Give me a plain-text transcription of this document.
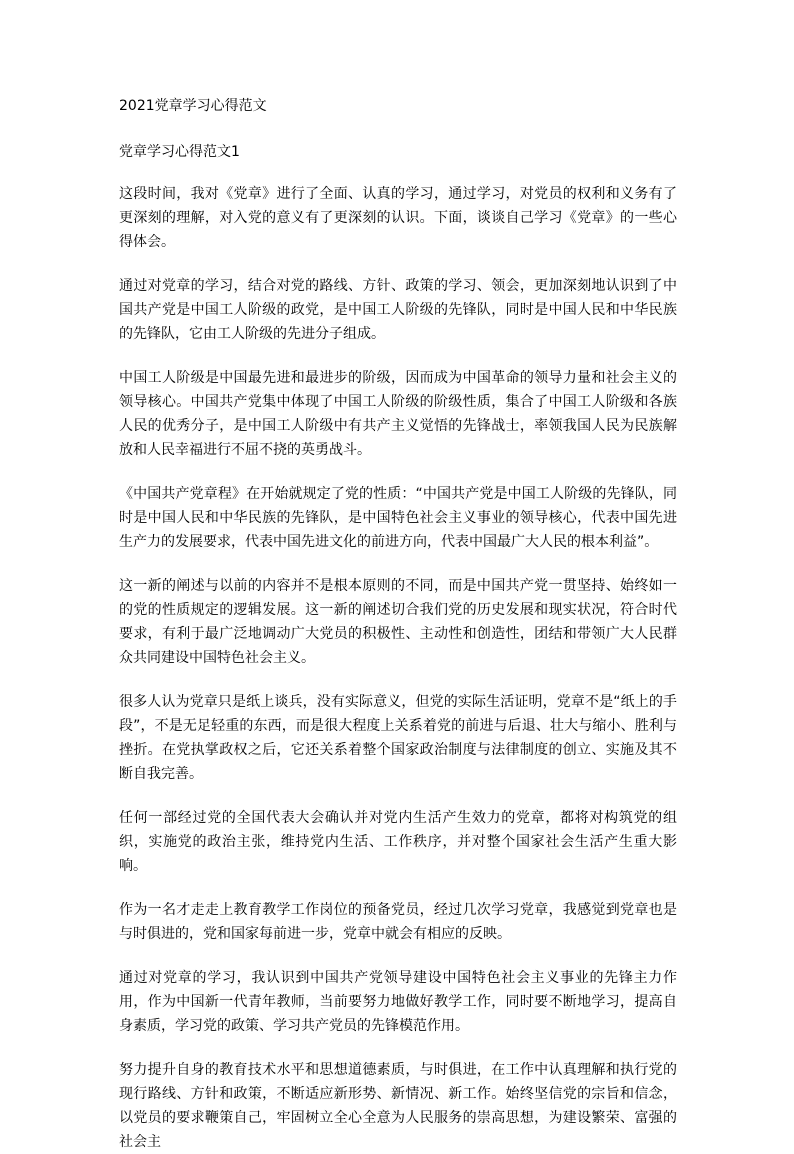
2021党章学习心得范文
党章学习心得范文1

这段时间，我对《党章》进行了全面、认真的学习，通过学习，对党员的权利和义务有了更深刻的理解，对入党的意义有了更深刻的认识。下面，谈谈自己学习《党章》的一些心得体会。

通过对党章的学习，结合对党的路线、方针、政策的学习、领会，更加深刻地认识到了中国共产党是中国工人阶级的政党，是中国工人阶级的先锋队，同时是中国人民和中华民族的先锋队，它由工人阶级的先进分子组成。

中国工人阶级是中国最先进和最进步的阶级，因而成为中国革命的领导力量和社会主义的领导核心。中国共产党集中体现了中国工人阶级的阶级性质，集合了中国工人阶级和各族人民的优秀分子，是中国工人阶级中有共产主义觉悟的先锋战士，率领我国人民为民族解放和人民幸福进行不屈不挠的英勇战斗。

《中国共产党章程》在开始就规定了党的性质：“中国共产党是中国工人阶级的先锋队，同时是中国人民和中华民族的先锋队，是中国特色社会主义事业的领导核心，代表中国先进生产力的发展要求，代表中国先进文化的前进方向，代表中国最广大人民的根本利益”。

这一新的阐述与以前的内容并不是根本原则的不同，而是中国共产党一贯坚持、始终如一的党的性质规定的逻辑发展。这一新的阐述切合我们党的历史发展和现实状况，符合时代要求，有利于最广泛地调动广大党员的积极性、主动性和创造性，团结和带领广大人民群众共同建设中国特色社会主义。

很多人认为党章只是纸上谈兵，没有实际意义，但党的实际生活证明，党章不是“纸上的手段”，不是无足轻重的东西，而是很大程度上关系着党的前进与后退、壮大与缩小、胜利与挫折。在党执掌政权之后，它还关系着整个国家政治制度与法律制度的创立、实施及其不断自我完善。

任何一部经过党的全国代表大会确认并对党内生活产生效力的党章，都将对构筑党的组织，实施党的政治主张，维持党内生活、工作秩序，并对整个国家社会生活产生重大影响。

作为一名才走走上教育教学工作岗位的预备党员，经过几次学习党章，我感觉到党章也是与时俱进的，党和国家每前进一步，党章中就会有相应的反映。

通过对党章的学习，我认识到中国共产党领导建设中国特色社会主义事业的先锋主力作用，作为中国新一代青年教师，当前要努力地做好教学工作，同时要不断地学习，提高自身素质，学习党的政策、学习共产党员的先锋模范作用。

努力提升自身的教育技术水平和思想道德素质，与时俱进，在工作中认真理解和执行党的现行路线、方针和政策，不断适应新形势、新情况、新工作。始终坚信党的宗旨和信念，以党员的要求鞭策自己，牢固树立全心全意为人民服务的崇高思想，为建设繁荣、富强的社会主
